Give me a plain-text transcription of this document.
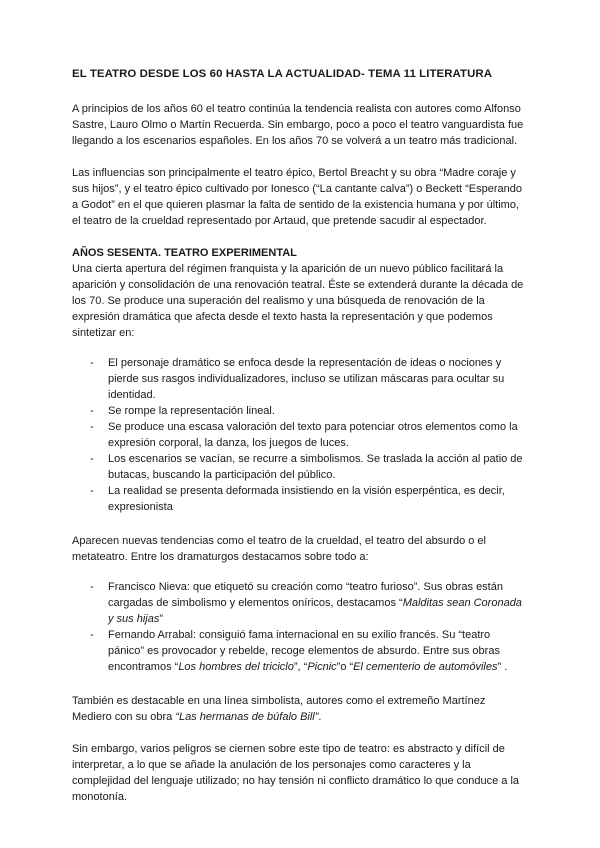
EL TEATRO DESDE LOS 60 HASTA LA ACTUALIDAD- TEMA 11 LITERATURA

A principios de los años 60 el teatro continúa la tendencia realista con autores como Alfonso Sastre, Lauro Olmo o Martín Recuerda. Sin embargo, poco a poco el teatro vanguardista fue llegando a los escenarios españoles. En los años 70 se volverá a un teatro más tradicional.

Las influencias son principalmente el teatro épico, Bertol Breacht y su obra “Madre coraje y sus hijos”, y el teatro épico cultivado por Ionesco (“La cantante calva”) o Beckett “Esperando a Godot” en el que quieren plasmar la falta de sentido de la existencia humana y por último, el teatro de la crueldad representado por Artaud, que pretende sacudir al espectador.

AÑOS SESENTA. TEATRO EXPERIMENTAL

Una cierta apertura del régimen franquista y la aparición de un nuevo público facilitará la aparición y consolidación de una renovación teatral. Éste se extenderá durante la década de los 70. Se produce una superación del realismo y una búsqueda de renovación de la expresión dramática que afecta desde el texto hasta la representación y que podemos sintetizar en:

- El personaje dramático se enfoca desde la representación de ideas o nociones y pierde sus rasgos individualizadores, incluso se utilizan máscaras para ocultar su identidad.
- Se rompe la representación lineal.
- Se produce una escasa valoración del texto para potenciar otros elementos como la expresión corporal, la danza, los juegos de luces.
- Los escenarios se vacían, se recurre a simbolismos. Se traslada la acción al patio de butacas, buscando la participación del público.
- La realidad se presenta deformada insistiendo en la visión esperpéntica, es decir, expresionista

Aparecen nuevas tendencias como el teatro de la crueldad, el teatro del absurdo o el metateatro. Entre los dramaturgos destacamos sobre todo a:

- Francisco Nieva: que etiquetó su creación como “teatro furioso”. Sus obras están cargadas de simbolismo y elementos oníricos, destacamos “Malditas sean Coronada y sus hijas”
- Fernando Arrabal: consiguió fama internacional en su exilio francés. Su “teatro pánico” es provocador y rebelde, recoge elementos de absurdo. Entre sus obras encontramos “Los hombres del triciclo”, “Picnic”o “El cementerio de automóviles” .

También es destacable en una línea simbolista, autores como el extremeño Martínez Mediero con su obra “Las hermanas de búfalo Bill”.

Sin embargo, varios peligros se ciernen sobre este tipo de teatro: es abstracto y difícil de interpretar, a lo que se añade la anulación de los personajes como caracteres y la complejidad del lenguaje utilizado; no hay tensión ni conflicto dramático lo que conduce a la monotonía.
